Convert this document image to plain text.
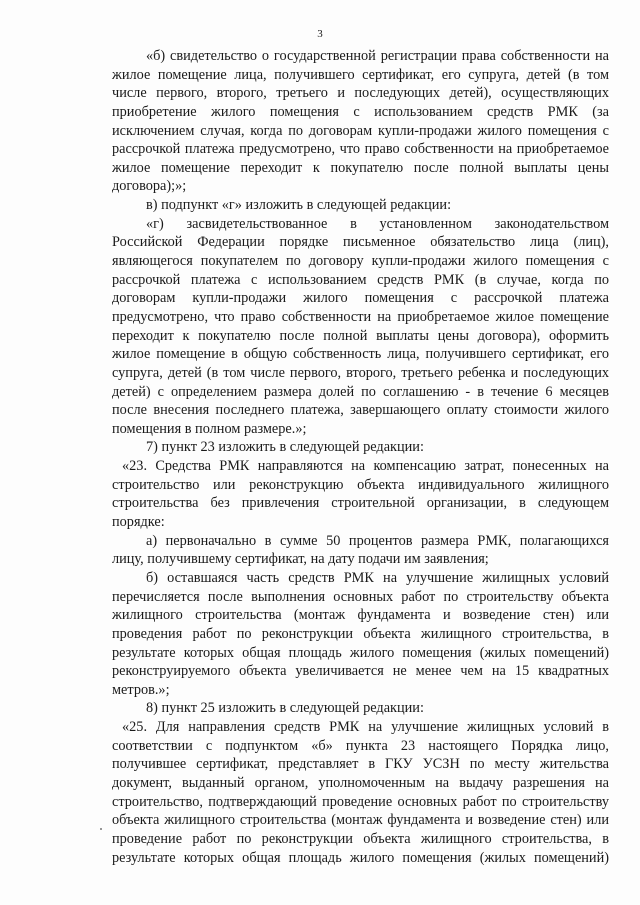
3
«б) свидетельство о государственной регистрации права собственности на
жилое помещение лица, получившего сертификат, его супруга, детей (в том
числе первого, второго, третьего и последующих детей), осуществляющих
приобретение жилого помещения с использованием средств РМК (за
исключением случая, когда по договорам купли-продажи жилого помещения с
рассрочкой платежа предусмотрено, что право собственности на приобретаемое
жилое помещение переходит к покупателю после полной выплаты цены
договора);»;
в) подпункт «г» изложить в следующей редакции:
«г) засвидетельствованное в установленном законодательством
Российской Федерации порядке письменное обязательство лица (лиц),
являющегося покупателем по договору купли-продажи жилого помещения с
рассрочкой платежа с использованием средств РМК (в случае, когда по
договорам купли-продажи жилого помещения с рассрочкой платежа
предусмотрено, что право собственности на приобретаемое жилое помещение
переходит к покупателю после полной выплаты цены договора), оформить
жилое помещение в общую собственность лица, получившего сертификат, его
супруга, детей (в том числе первого, второго, третьего ребенка и последующих
детей) с определением размера долей по соглашению - в течение 6 месяцев
после внесения последнего платежа, завершающего оплату стоимости жилого
помещения в полном размере.»;
7) пункт 23 изложить в следующей редакции:
«23. Средства РМК направляются на компенсацию затрат, понесенных на
строительство или реконструкцию объекта индивидуального жилищного
строительства без привлечения строительной организации, в следующем
порядке:
а) первоначально в сумме 50 процентов размера РМК, полагающихся
лицу, получившему сертификат, на дату подачи им заявления;
б) оставшаяся часть средств РМК на улучшение жилищных условий
перечисляется после выполнения основных работ по строительству объекта
жилищного строительства (монтаж фундамента и возведение стен) или
проведения работ по реконструкции объекта жилищного строительства, в
результате которых общая площадь жилого помещения (жилых помещений)
реконструируемого объекта увеличивается не менее чем на 15 квадратных
метров.»;
8) пункт 25 изложить в следующей редакции:
«25. Для направления средств РМК на улучшение жилищных условий в
соответствии с подпунктом «б» пункта 23 настоящего Порядка лицо,
получившее сертификат, представляет в ГКУ УСЗН по месту жительства
документ, выданный органом, уполномоченным на выдачу разрешения на
строительство, подтверждающий проведение основных работ по строительству
объекта жилищного строительства (монтаж фундамента и возведение стен) или
проведение работ по реконструкции объекта жилищного строительства, в
результате которых общая площадь жилого помещения (жилых помещений)
